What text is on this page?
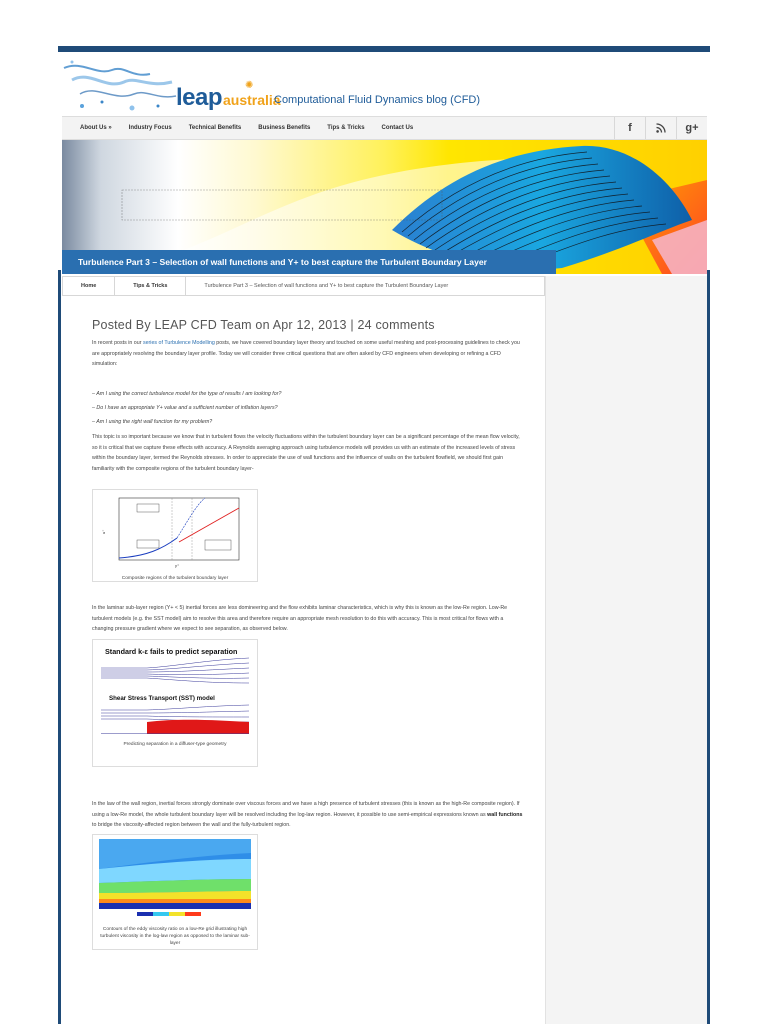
leap ✺
australia
Computational Fluid Dynamics blog (CFD)
About Us »	Industry Focus	Technical Benefits	Business Benefits	Tips & Tricks	Contact Us	f	g+
Turbulence Part 3 – Selection of wall functions and Y+ to best capture the Turbulent Boundary Layer
Home	Tips & Tricks	Turbulence Part 3 – Selection of wall functions and Y+ to best capture the Turbulent Boundary Layer
Posted By LEAP CFD Team on Apr 12, 2013 | 24 comments

In recent posts in our series of Turbulence Modelling posts, we have covered boundary layer theory and touched on some useful meshing and post-processing guidelines to check you are appropriately resolving the boundary layer profile. Today we will consider three critical questions that are often asked by CFD engineers when developing or refining a CFD simulation:

– Am I using the correct turbulence model for the type of results I am looking for?

– Do I have an appropriate Y+ value and a sufficient number of inflation layers?

– Am I using the right wall function for my problem?

This topic is so important because we know that in turbulent flows the velocity fluctuations within the turbulent boundary layer can be a significant percentage of the mean flow velocity, so it is critical that we capture these effects with accuracy. A Reynolds averaging approach using turbulence models will provides us with an estimate of the increased levels of stress within the boundary layer, termed the Reynolds stresses. In order to appreciate the use of wall functions and the influence of walls on the turbulent flowfield, we should first gain familiarity with the composite regions of the turbulent boundary layer-

u⁺
y⁺
Composite regions of the turbulent boundary layer

In the laminar sub-layer region (Y+ < 5) inertial forces are less domineering and the flow exhibits laminar characteristics, which is why this is known as the low-Re region. Low-Re turbulent models (e.g. the SST model) aim to resolve this area and therefore require an appropriate mesh resolution to do this with accuracy. This is most critical for flows with a changing pressure gradient where we expect to see separation, as observed below.

Standard k-ε fails to predict separation
Shear Stress Transport (SST) model
Predicting separation in a diffuser-type geometry

In the law of the wall region, inertial forces strongly dominate over viscous forces and we have a high presence of turbulent stresses (this is known as the high-Re composite region). If using a low-Re model, the whole turbulent boundary layer will be resolved including the log-law region. However, it possible to use semi-empirical expressions known as wall functions to bridge the viscosity-affected region between the wall and the fully-turbulent region.

Contours of the eddy viscosity ratio on a low-Re grid illustrating high turbulent viscosity in the log-law region as opposed to the laminar sub-layer
